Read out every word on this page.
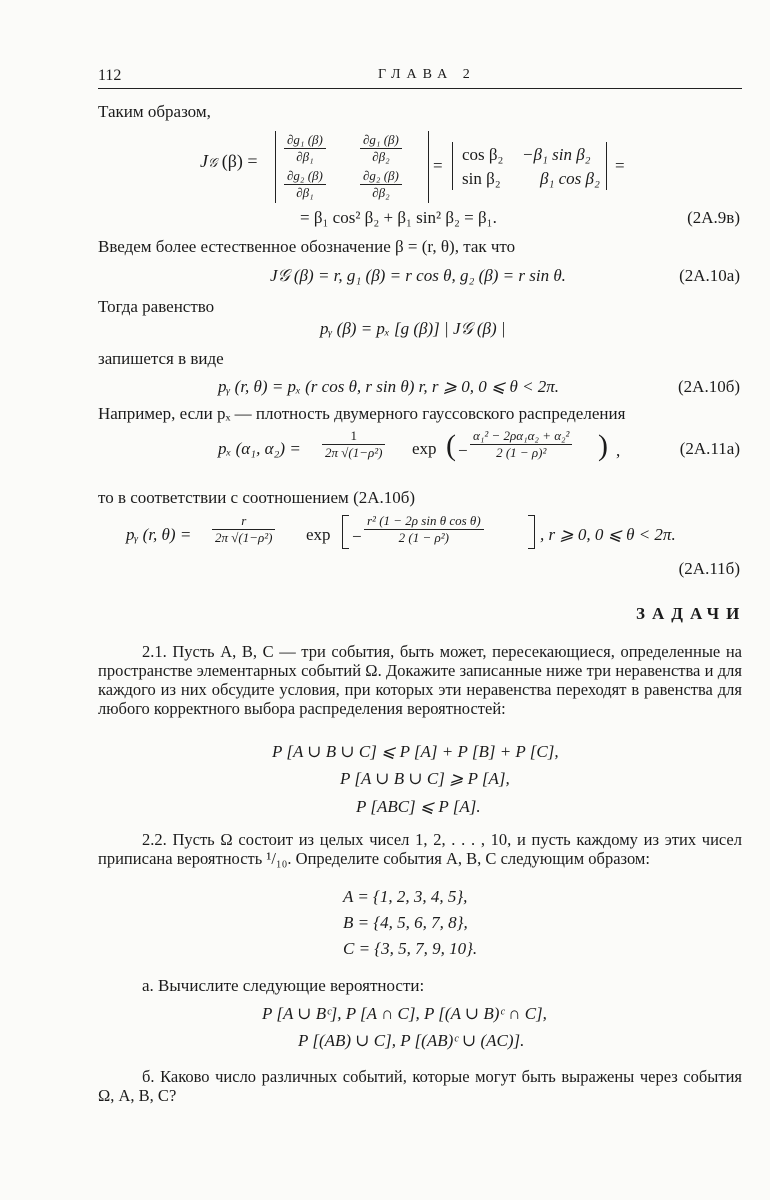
112	ГЛАВА 2
Таким образом,
J𝒢 $(\beta) = \frac{\text{∂g₁ (β)}}{\text{∂β₁}}$	$\frac{\text{∂g₁ (β)}}{\text{∂β₂}}$
$\frac{\text{∂g₂ (β)}}{\text{∂β₁}}$	$\frac{\text{∂g₂ (β)}}{\text{∂β₂}}$
=
cos β₂ −β₁ sin β₂
sin β₂ β₁ cos β₂
=
= β₁ cos² β₂ + β₁ sin² β₂ = β₁.	(2А.9в)
Введем более естественное обозначение β = (r, θ), так что
J𝒢 (β) = r, g₁ (β) = r cos θ, g₂ (β) = r sin θ.	(2А.10а)
Тогда равенство
pᵧ (β) = pₓ [g (β)] | J𝒢 (β) |
запишется в виде
pᵧ (r, θ) = pₓ (r cos θ, r sin θ) r, r ⩾ 0, 0 ⩽ θ < 2π.	(2А.10б)
Например, если pₓ — плотность двумерного гауссовского распределения
pₓ (α₁, $\alpha_2) = \frac{1}{\text{2π √(1−ρ²)}}$ exp ( − $\frac{\text{α₁² − 2ρα₁α₂ + α₂²}}{\text{2 (1 − ρ)²}}$ ) ,	(2А.11а)
то в соответствии с соотношением (2А.10б)
pᵧ (r, $\theta) = \frac{r}{\text{2π √(1−ρ²)}}$ $\exp - \frac{\text{r² (1 − 2ρ sin θ cos θ)}}{\text{2 (1 − ρ²)}}$	, r ⩾ 0, 0 ⩽ θ < 2π.
(2А.11б)
ЗАДАЧИ
2.1. Пусть A, B, C — три события, быть может, пересекающиеся, определенные на пространстве элементарных событий Ω. Докажите записанные ниже три неравенства и для каждого из них обсудите условия, при которых эти неравенства переходят в равенства для любого корректного выбора распределения вероятностей:
P [A ∪ B ∪ C] ⩽ P [A] + P [B] + P [C],
P [A ∪ B ∪ C] ⩾ P [A],
P [ABC] ⩽ P [A].
2.2. Пусть Ω состоит из целых чисел 1, 2, . . . , 10, и пусть каждому из этих чисел приписана вероятность ¹/₁₀. Определите события A, B, C следующим образом:
A = {1, 2, 3, 4, 5},
B = {4, 5, 6, 7, 8},
C = {3, 5, 7, 9, 10}.
а. Вычислите следующие вероятности:
P [A ∪ Bᶜ], P [A ∩ C], P [(A ∪ B)ᶜ ∩ C],
P [(AB) ∪ C], P [(AB)ᶜ ∪ (AC)].
б. Каково число различных событий, которые могут быть выражены через события Ω, A, B, C?
